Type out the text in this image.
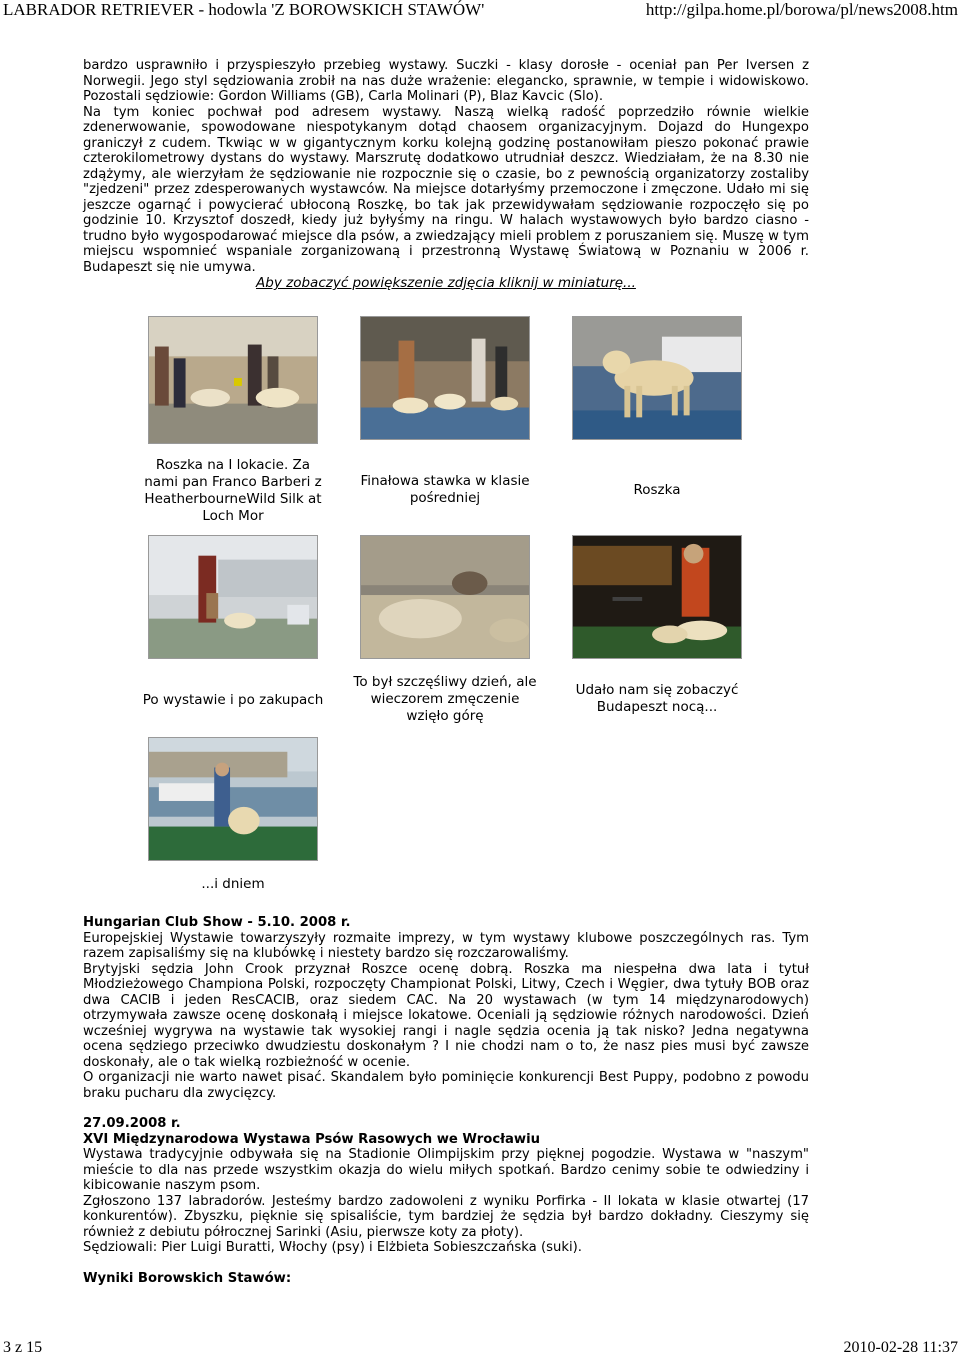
LABRADOR RETRIEVER - hodowla 'Z BOROWSKICH STAWÓW'	http://gilpa.home.pl/borowa/pl/news2008.htm

bardzo usprawniło i przyspieszyło przebieg wystawy. Suczki - klasy dorosłe - oceniał pan Per Iversen z Norwegii. Jego styl sędziowania zrobił na nas duże wrażenie: elegancko, sprawnie, w tempie i widowiskowo. Pozostali sędziowie: Gordon Williams (GB), Carla Molinari (P), Blaz Kavcic (Slo).

Na tym koniec pochwał pod adresem wystawy. Naszą wielką radość poprzedziło równie wielkie zdenerwowanie, spowodowane niespotykanym dotąd chaosem organizacyjnym. Dojazd do Hungexpo graniczył z cudem. Tkwiąc w w gigantycznym korku kolejną godzinę postanowiłam pieszo pokonać prawie czterokilometrowy dystans do wystawy. Marszrutę dodatkowo utrudniał deszcz. Wiedziałam, że na 8.30 nie zdążymy, ale wierzyłam że sędziowanie nie rozpocznie się o czasie, bo z pewnością organizatorzy zostaliby "zjedzeni" przez zdesperowanych wystawców. Na miejsce dotarłyśmy przemoczone i zmęczone. Udało mi się jeszcze ogarnąć i powycierać ubłoconą Roszkę, bo tak jak przewidywałam sędziowanie rozpoczęło się po godzinie 10. Krzysztof doszedł, kiedy już byłyśmy na ringu. W halach wystawowych było bardzo ciasno - trudno było wygospodarować miejsce dla psów, a zwiedzający mieli problem z poruszaniem się. Muszę w tym miejscu wspomnieć wspaniale zorganizowaną i przestronną Wystawę Światową w Poznaniu w 2006 r. Budapeszt się nie umywa.

Aby zobaczyć powiększenie zdjęcia kliknij w miniaturę...
Roszka na I lokacie. Za nami pan Franco Barberi z HeatherbourneWild Silk at Loch Mor
Finałowa stawka w klasie pośredniej	Roszka
Po wystawie i po zakupach
To był szczęśliwy dzień, ale wieczorem zmęczenie wzięło górę
Udało nam się zobaczyć Budapeszt nocą...
...i dniem

Hungarian Club Show - 5.10. 2008 r.

Europejskiej Wystawie towarzyszyły rozmaite imprezy, w tym wystawy klubowe poszczególnych ras. Tym razem zapisaliśmy się na klubówkę i niestety bardzo się rozczarowaliśmy.

Brytyjski sędzia John Crook przyznał Roszce ocenę dobrą. Roszka ma niespełna dwa lata i tytuł Młodzieżowego Championa Polski, rozpoczęty Championat Polski, Litwy, Czech i Węgier, dwa tytuły BOB oraz dwa CACIB i jeden ResCACIB, oraz siedem CAC. Na 20 wystawach (w tym 14 międzynarodowych) otrzymywała zawsze ocenę doskonałą i miejsce lokatowe. Oceniali ją sędziowie różnych narodowości. Dzień wcześniej wygrywa na wystawie tak wysokiej rangi i nagle sędzia ocenia ją tak nisko? Jedna negatywna ocena sędziego przeciwko dwudziestu doskonałym ? I nie chodzi nam o to, że nasz pies musi być zawsze doskonały, ale o tak wielką rozbieżność w ocenie.

O organizacji nie warto nawet pisać. Skandalem było pominięcie konkurencji Best Puppy, podobno z powodu braku pucharu dla zwycięzcy.

27.09.2008 r.

XVI Międzynarodowa Wystawa Psów Rasowych we Wrocławiu

Wystawa tradycyjnie odbywała się na Stadionie Olimpijskim przy pięknej pogodzie. Wystawa w "naszym" mieście to dla nas przede wszystkim okazja do wielu miłych spotkań. Bardzo cenimy sobie te odwiedziny i kibicowanie naszym psom.

Zgłoszono 137 labradorów. Jesteśmy bardzo zadowoleni z wyniku Porfirka - II lokata w klasie otwartej (17 konkurentów). Zbyszku, pięknie się spisaliście, tym bardziej że sędzia był bardzo dokładny. Cieszymy się również z debiutu półrocznej Sarinki (Asiu, pierwsze koty za płoty).

Sędziowali: Pier Luigi Buratti, Włochy (psy) i Elżbieta Sobieszczańska (suki).

Wyniki Borowskich Stawów:

3 z 15	2010-02-28 11:37
